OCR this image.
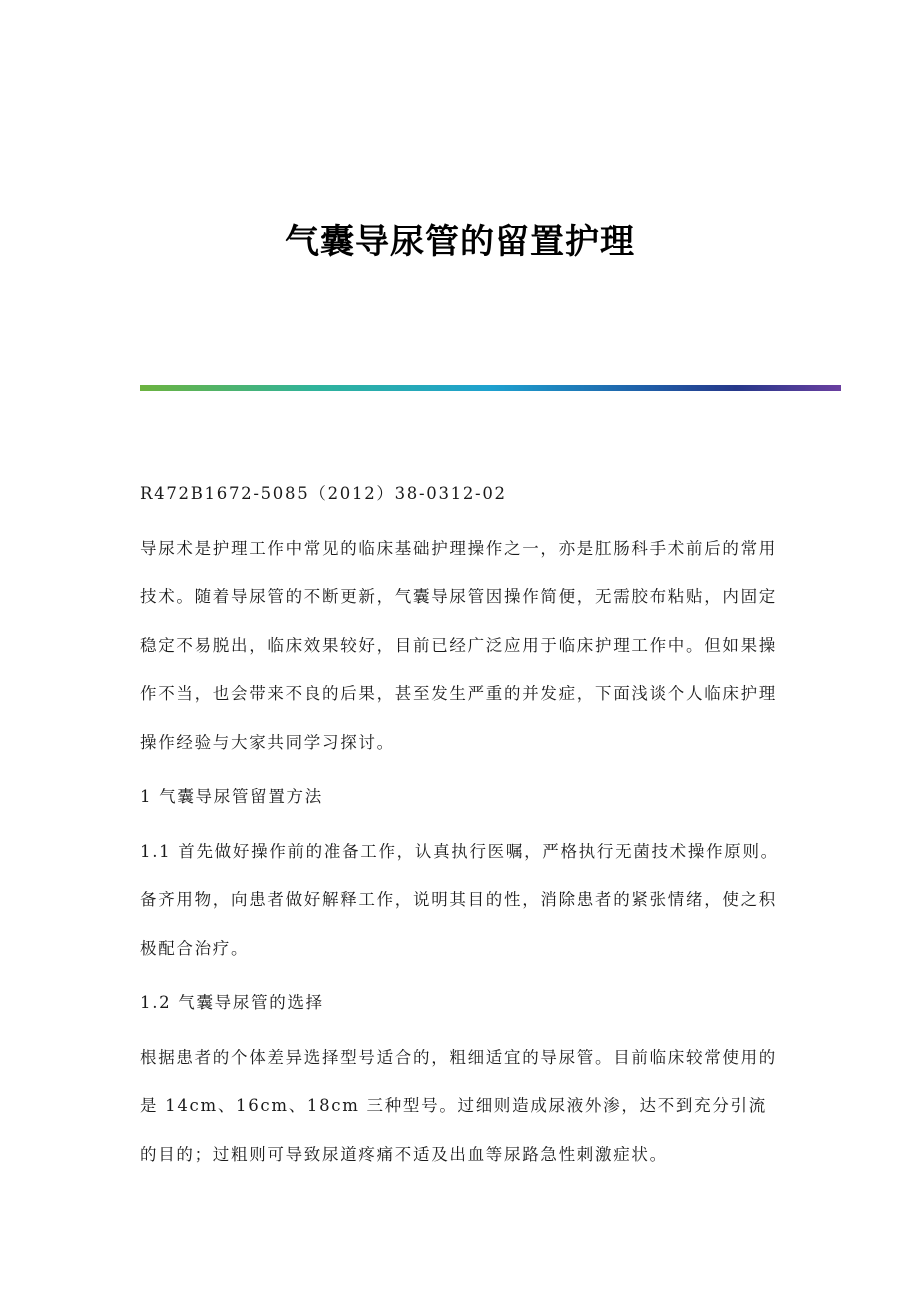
气囊导尿管的留置护理

R472B1672-5085（2012）38-0312-02

导尿术是护理工作中常见的临床基础护理操作之一，亦是肛肠科手术前后的常用技术。随着导尿管的不断更新，气囊导尿管因操作简便，无需胶布粘贴，内固定稳定不易脱出，临床效果较好，目前已经广泛应用于临床护理工作中。但如果操作不当，也会带来不良的后果，甚至发生严重的并发症，下面浅谈个人临床护理操作经验与大家共同学习探讨。

1 气囊导尿管留置方法

1.1 首先做好操作前的准备工作，认真执行医嘱，严格执行无菌技术操作原则。备齐用物，向患者做好解释工作，说明其目的性，消除患者的紧张情绪，使之积极配合治疗。

1.2 气囊导尿管的选择

根据患者的个体差异选择型号适合的，粗细适宜的导尿管。目前临床较常使用的是 14cm、16cm、18cm 三种型号。过细则造成尿液外渗，达不到充分引流的目的；过粗则可导致尿道疼痛不适及出血等尿路急性刺激症状。
